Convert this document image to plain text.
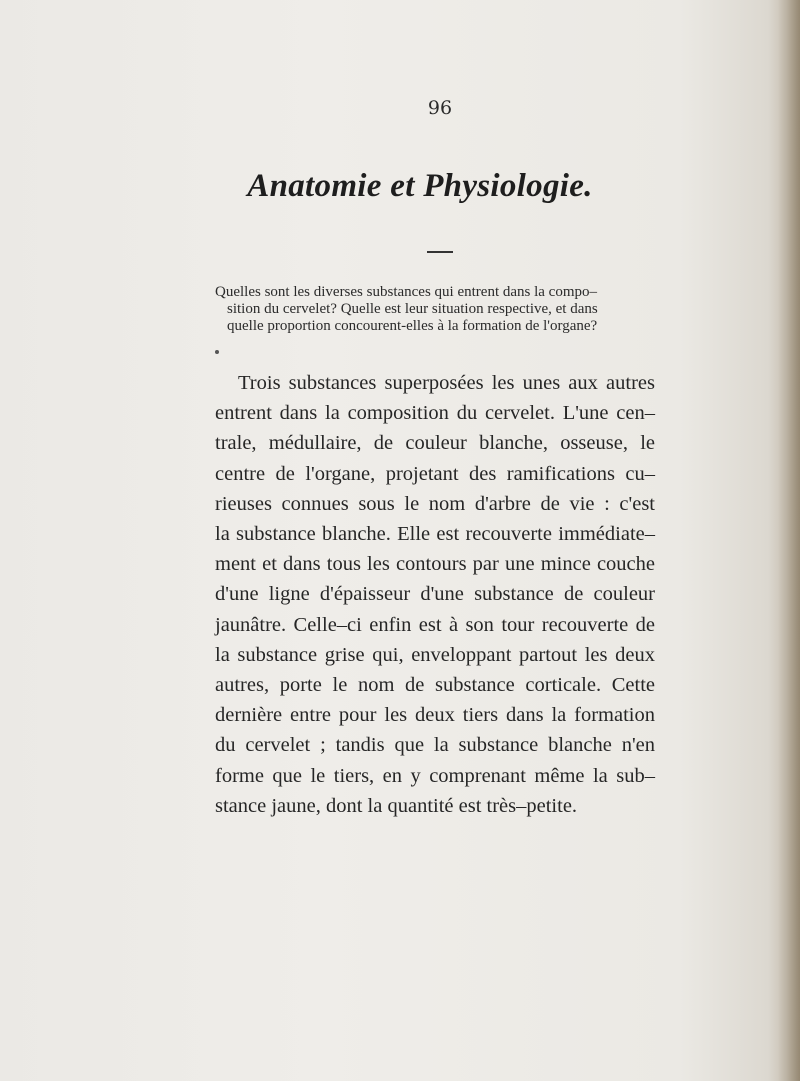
96
Anatomie et Physiologie.
Quelles sont les diverses substances qui entrent dans la compo–
sition du cervelet? Quelle est leur situation respective, et dans
quelle proportion concourent-elles à la formation de l'organe?
Trois substances superposées les unes aux autres
entrent dans la composition du cervelet. L'une cen–
trale, médullaire, de couleur blanche, osseuse, le
centre de l'organe, projetant des ramifications cu–
rieuses connues sous le nom d'arbre de vie : c'est
la substance blanche. Elle est recouverte immédiate–
ment et dans tous les contours par une mince couche
d'une ligne d'épaisseur d'une substance de couleur
jaunâtre. Celle–ci enfin est à son tour recouverte de
la substance grise qui, enveloppant partout les deux
autres, porte le nom de substance corticale. Cette
dernière entre pour les deux tiers dans la formation
du cervelet ; tandis que la substance blanche n'en
forme que le tiers, en y comprenant même la sub–
stance jaune, dont la quantité est très–petite.
